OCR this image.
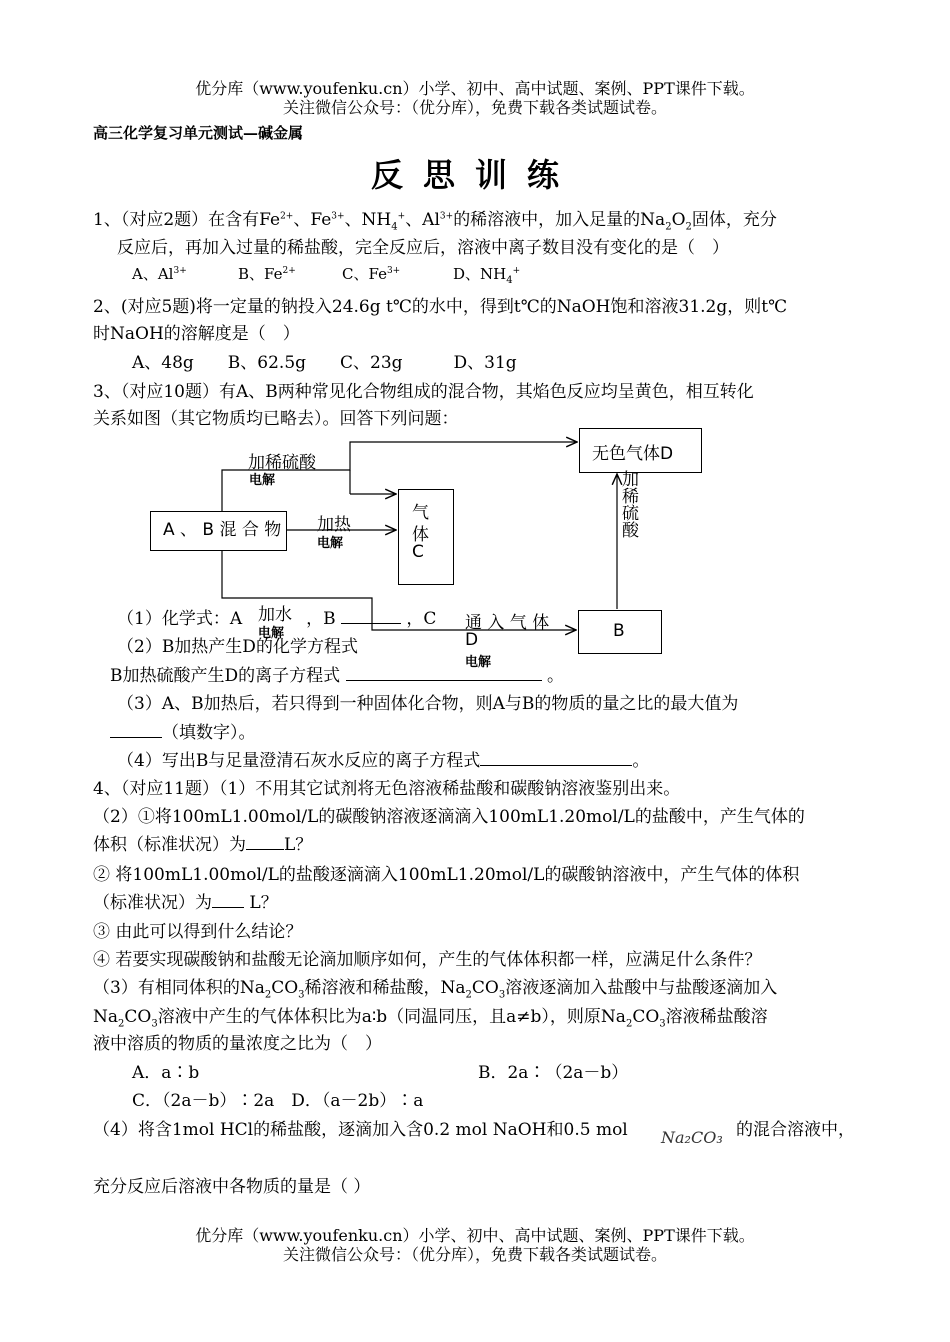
优分库（www.youfenku.cn）小学、初中、高中试题、案例、PPT课件下载。
关注微信公众号：（优分库），免费下载各类试题试卷。
高三化学复习单元测试—碱金属
反思训练
1、（对应2题）在含有$Fe^{2+}$、$Fe^{3+}$、$NH_4^+$、$Al^{3+}$的稀溶液中，加入足量的$Na_2O_2$固体，充分
反应后，再加入过量的稀盐酸，完全反应后，溶液中离子数目没有变化的是（　）
A、$Al^{3+}$	B、$Fe^{2+}$	C、$Fe^{3+}$	D、$NH_4^+$
2、(对应5题)将一定量的钠投入24.6g t℃的水中，得到t℃的NaOH饱和溶液31.2g，则t℃
时NaOH的溶解度是（　）
A、48g　　B、62.5g　　C、23g　　　D、31g
3、（对应10题）有A、B两种常见化合物组成的混合物，其焰色反应均呈黄色，相互转化
关系如图（其它物质均已略去）。回答下列问题：
A 、 B 混 合 物
气
体
C
无色气体D
B
加稀硫酸
电解
加热
电解
加
稀
硫
酸
（1）化学式：A	，B	，C
加水
电解
通 入 气 体
D
电解
（2）B加热产生D的化学方程式
B加热硫酸产生D的离子方程式	。
（3）A、B加热后，若只得到一种固体化合物，则A与B的物质的量之比的最大值为
（填数字）。
（4）写出B与足量澄清石灰水反应的离子方程式	。
4、（对应11题）（1）不用其它试剂将无色溶液稀盐酸和碳酸钠溶液鉴别出来。
（2）①将100mL1.00mol/L的碳酸钠溶液逐滴滴入100mL1.20mol/L的盐酸中，产生气体的
体积（标准状况）为 L？
② 将100mL1.00mol/L的盐酸逐滴滴入100mL1.20mol/L的碳酸钠溶液中，产生气体的体积
（标准状况）为 L？
③ 由此可以得到什么结论？
④ 若要实现碳酸钠和盐酸无论滴加顺序如何，产生的气体体积都一样，应满足什么条件？
（3）有相同体积的$Na_2CO_3$稀溶液和稀盐酸，$Na_2CO_3$溶液逐滴加入盐酸中与盐酸逐滴加入
$Na_2CO_3$溶液中产生的气体体积比为a∶b（同温同压，且a≠b），则原$Na_2CO_3$溶液稀盐酸溶
液中溶质的物质的量浓度之比为（　）
A．a∶b	B．2a∶（2a－b）
C．（2a－b）∶2a　D．（a－2b）∶a
（4）将含1mol HCl的稀盐酸，逐滴加入含0.2 mol NaOH和0.5 mol Na₂CO₃ 的混合溶液中，
充分反应后溶液中各物质的量是（ ）
优分库（www.youfenku.cn）小学、初中、高中试题、案例、PPT课件下载。
关注微信公众号：（优分库），免费下载各类试题试卷。
